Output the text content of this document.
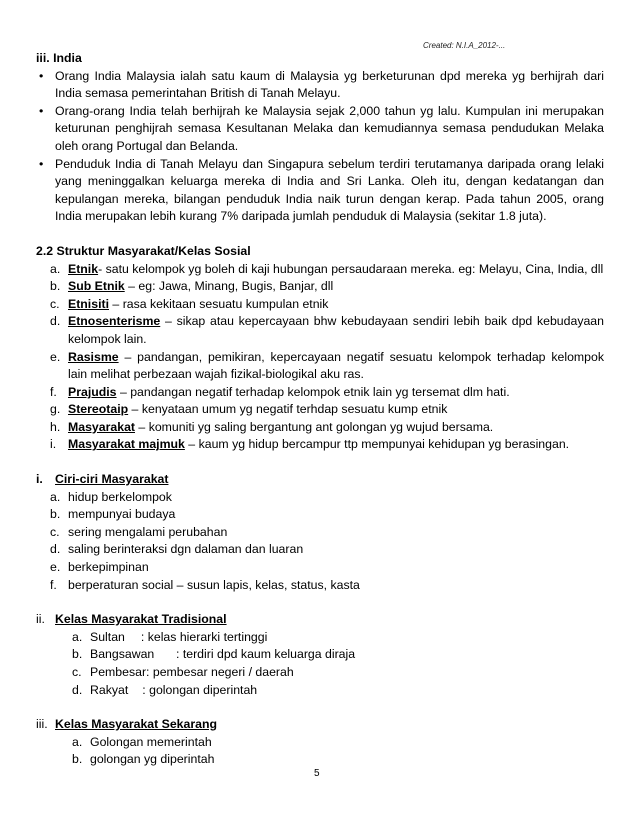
Created: N.I.A_2012-...
iii. India
• Orang India Malaysia ialah satu kaum di Malaysia yg berketurunan dpd mereka yg berhijrah dari India semasa pemerintahan British di Tanah Melayu.
• Orang-orang India telah berhijrah ke Malaysia sejak 2,000 tahun yg lalu. Kumpulan ini merupakan keturunan penghijrah semasa Kesultanan Melaka dan kemudiannya semasa pendudukan Melaka oleh orang Portugal dan Belanda.
• Penduduk India di Tanah Melayu dan Singapura sebelum terdiri terutamanya daripada orang lelaki yang meninggalkan keluarga mereka di India and Sri Lanka. Oleh itu, dengan kedatangan dan kepulangan mereka, bilangan penduduk India naik turun dengan kerap. Pada tahun 2005, orang India merupakan lebih kurang 7% daripada jumlah penduduk di Malaysia (sekitar 1.8 juta).
2.2 Struktur Masyarakat/Kelas Sosial
a. Etnik- satu kelompok yg boleh di kaji hubungan persaudaraan mereka. eg: Melayu, Cina, India, dll
b. Sub Etnik – eg: Jawa, Minang, Bugis, Banjar, dll
c. Etnisiti – rasa kekitaan sesuatu kumpulan etnik
d. Etnosenterisme – sikap atau kepercayaan bhw kebudayaan sendiri lebih baik dpd kebudayaan kelompok lain.
e. Rasisme – pandangan, pemikiran, kepercayaan negatif sesuatu kelompok terhadap kelompok lain melihat perbezaan wajah fizikal-biologikal aku ras.
f. Prajudis – pandangan negatif terhadap kelompok etnik lain yg tersemat dlm hati.
g. Stereotaip – kenyataan umum yg negatif terhdap sesuatu kump etnik
h. Masyarakat – komuniti yg saling bergantung ant golongan yg wujud bersama.
i. Masyarakat majmuk – kaum yg hidup bercampur ttp mempunyai kehidupan yg berasingan.
i. Ciri-ciri Masyarakat
a. hidup berkelompok
b. mempunyai budaya
c. sering mengalami perubahan
d. saling berinteraksi dgn dalaman dan luaran
e. berkepimpinan
f. berperaturan social – susun lapis, kelas, status, kasta
ii. Kelas Masyarakat Tradisional
a. Sultan : kelas hierarki tertinggi
b. Bangsawan : terdiri dpd kaum keluarga diraja
c. Pembesar: pembesar negeri / daerah
d. Rakyat : golongan diperintah
iii. Kelas Masyarakat Sekarang
a. Golongan memerintah
b. golongan yg diperintah
5
